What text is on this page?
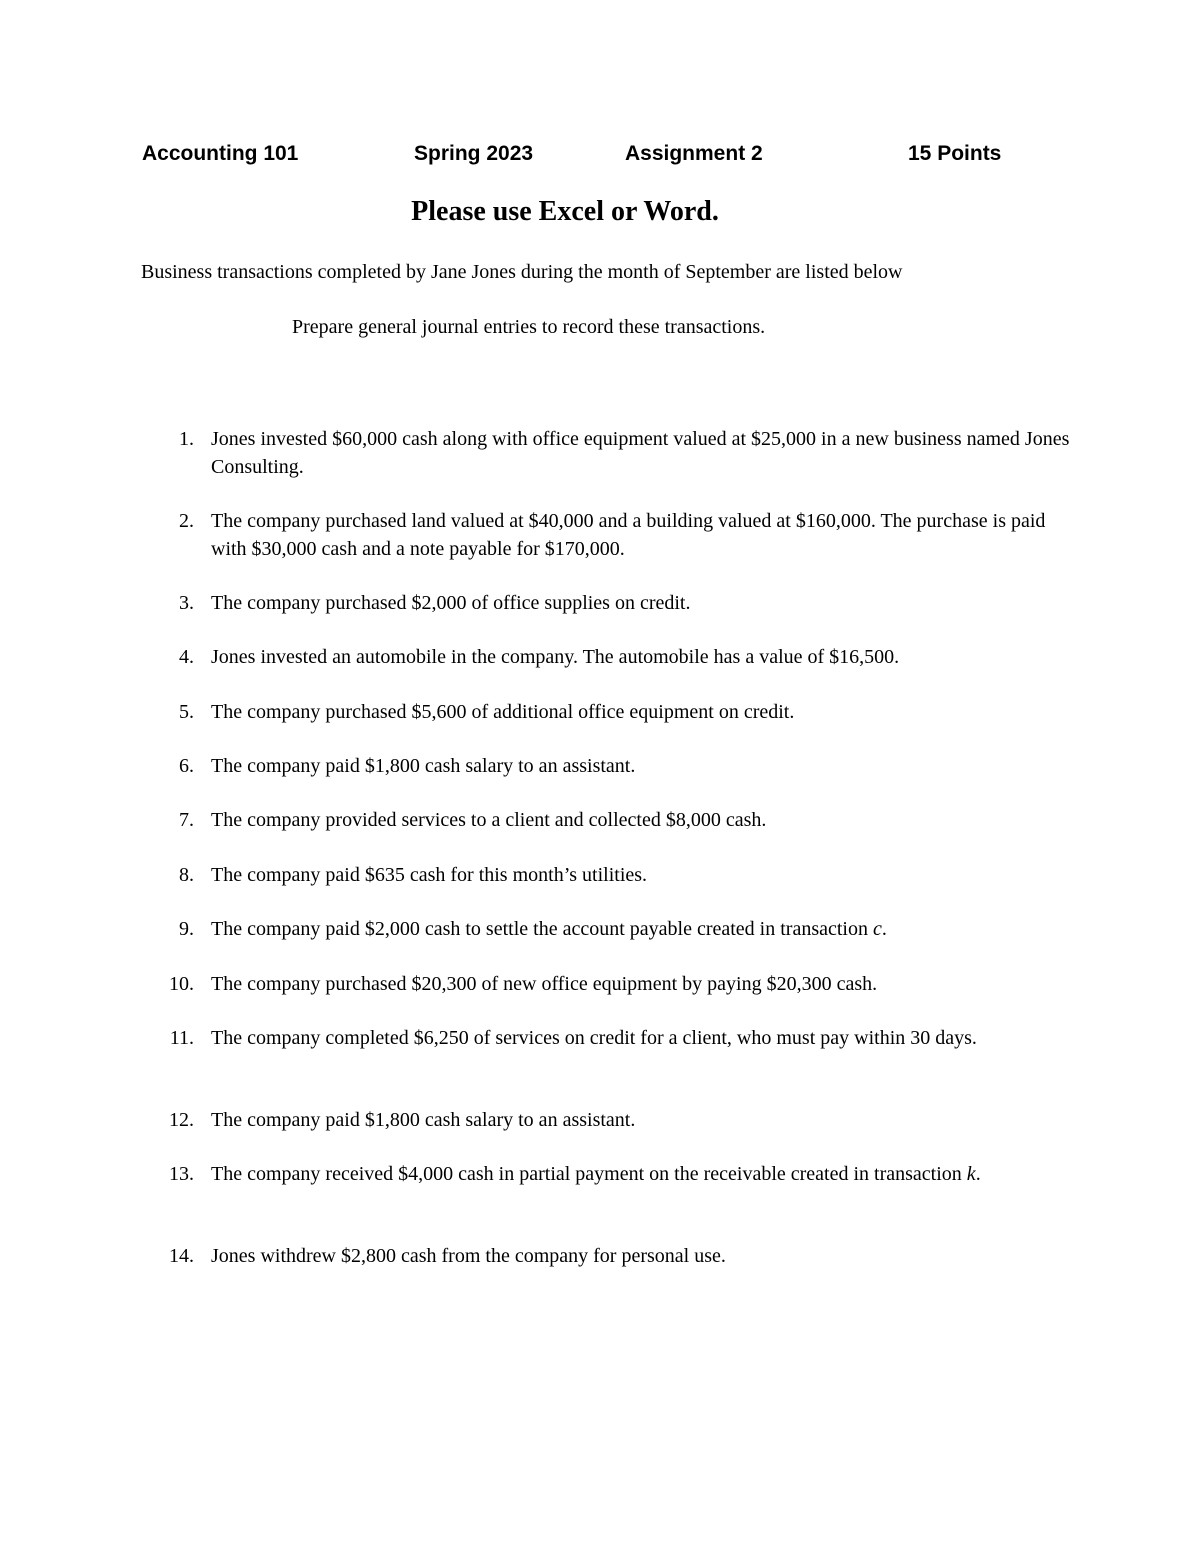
Accounting 101	Spring 2023	Assignment 2	15 Points
Please use Excel or Word.
Business transactions completed by Jane Jones during the month of September are listed below
Prepare general journal entries to record these transactions.
1. Jones invested $60,000 cash along with office equipment valued at $25,000 in a new business named Jones Consulting.
2. The company purchased land valued at $40,000 and a building valued at $160,000. The purchase is paid with $30,000 cash and a note payable for $170,000.
3. The company purchased $2,000 of office supplies on credit.
4. Jones invested an automobile in the company. The automobile has a value of $16,500.
5. The company purchased $5,600 of additional office equipment on credit.
6. The company paid $1,800 cash salary to an assistant.
7. The company provided services to a client and collected $8,000 cash.
8. The company paid $635 cash for this month’s utilities.
9. The company paid $2,000 cash to settle the account payable created in transaction c.
10. The company purchased $20,300 of new office equipment by paying $20,300 cash.
11. The company completed $6,250 of services on credit for a client, who must pay within 30 days.
12. The company paid $1,800 cash salary to an assistant.
13. The company received $4,000 cash in partial payment on the receivable created in transaction k.
14. Jones withdrew $2,800 cash from the company for personal use.
